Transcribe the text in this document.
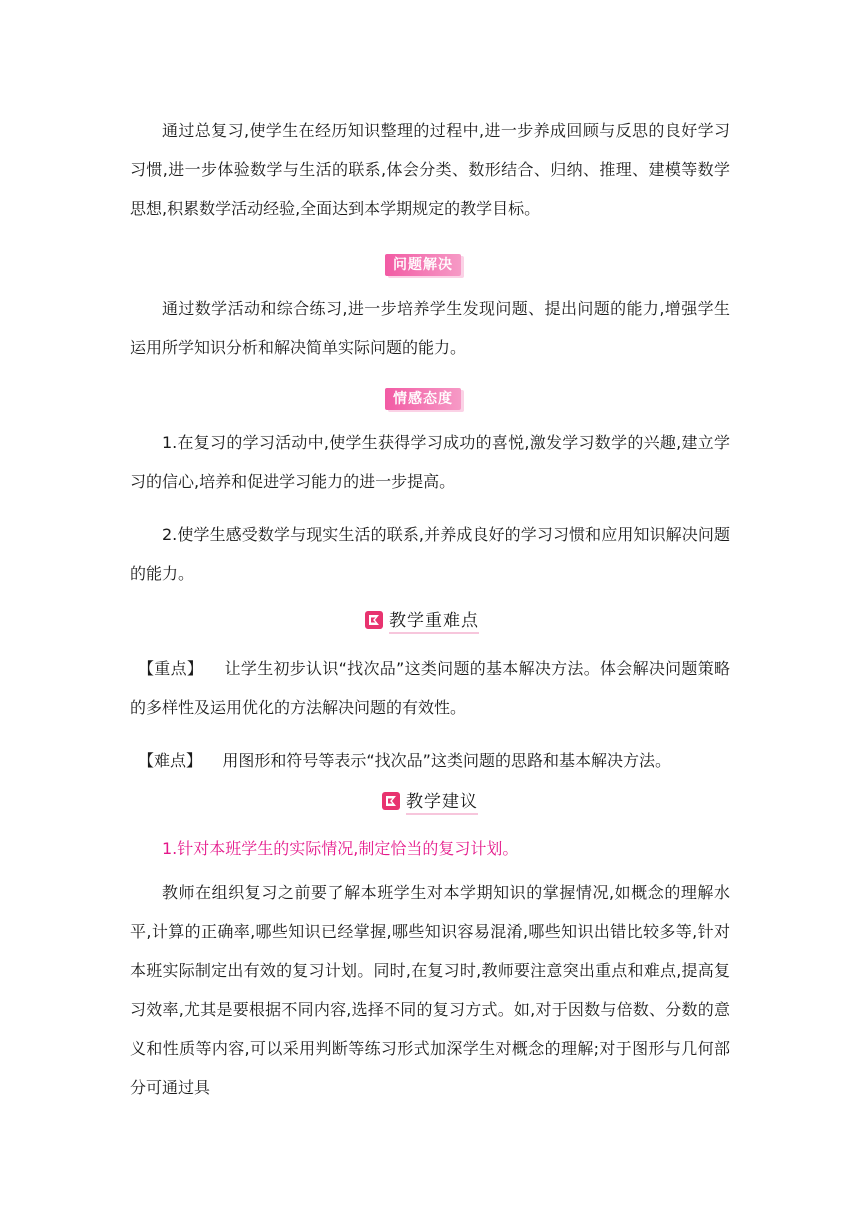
通过总复习,使学生在经历知识整理的过程中,进一步养成回顾与反思的良好学习习惯,进一步体验数学与生活的联系,体会分类、数形结合、归纳、推理、建模等数学思想,积累数学活动经验,全面达到本学期规定的教学目标。

问题解决

通过数学活动和综合练习,进一步培养学生发现问题、提出问题的能力,增强学生运用所学知识分析和解决简单实际问题的能力。

情感态度

1.在复习的学习活动中,使学生获得学习成功的喜悦,激发学习数学的兴趣,建立学习的信心,培养和促进学习能力的进一步提高。

2.使学生感受数学与现实生活的联系,并养成良好的学习习惯和应用知识解决问题的能力。

教学重难点

【重点】 让学生初步认识“找次品”这类问题的基本解决方法。体会解决问题策略的多样性及运用优化的方法解决问题的有效性。

【难点】 用图形和符号等表示“找次品”这类问题的思路和基本解决方法。

教学建议

1.针对本班学生的实际情况,制定恰当的复习计划。

教师在组织复习之前要了解本班学生对本学期知识的掌握情况,如概念的理解水平,计算的正确率,哪些知识已经掌握,哪些知识容易混淆,哪些知识出错比较多等,针对本班实际制定出有效的复习计划。同时,在复习时,教师要注意突出重点和难点,提高复习效率,尤其是要根据不同内容,选择不同的复习方式。如,对于因数与倍数、分数的意义和性质等内容,可以采用判断等练习形式加深学生对概念的理解;对于图形与几何部分可通过具
